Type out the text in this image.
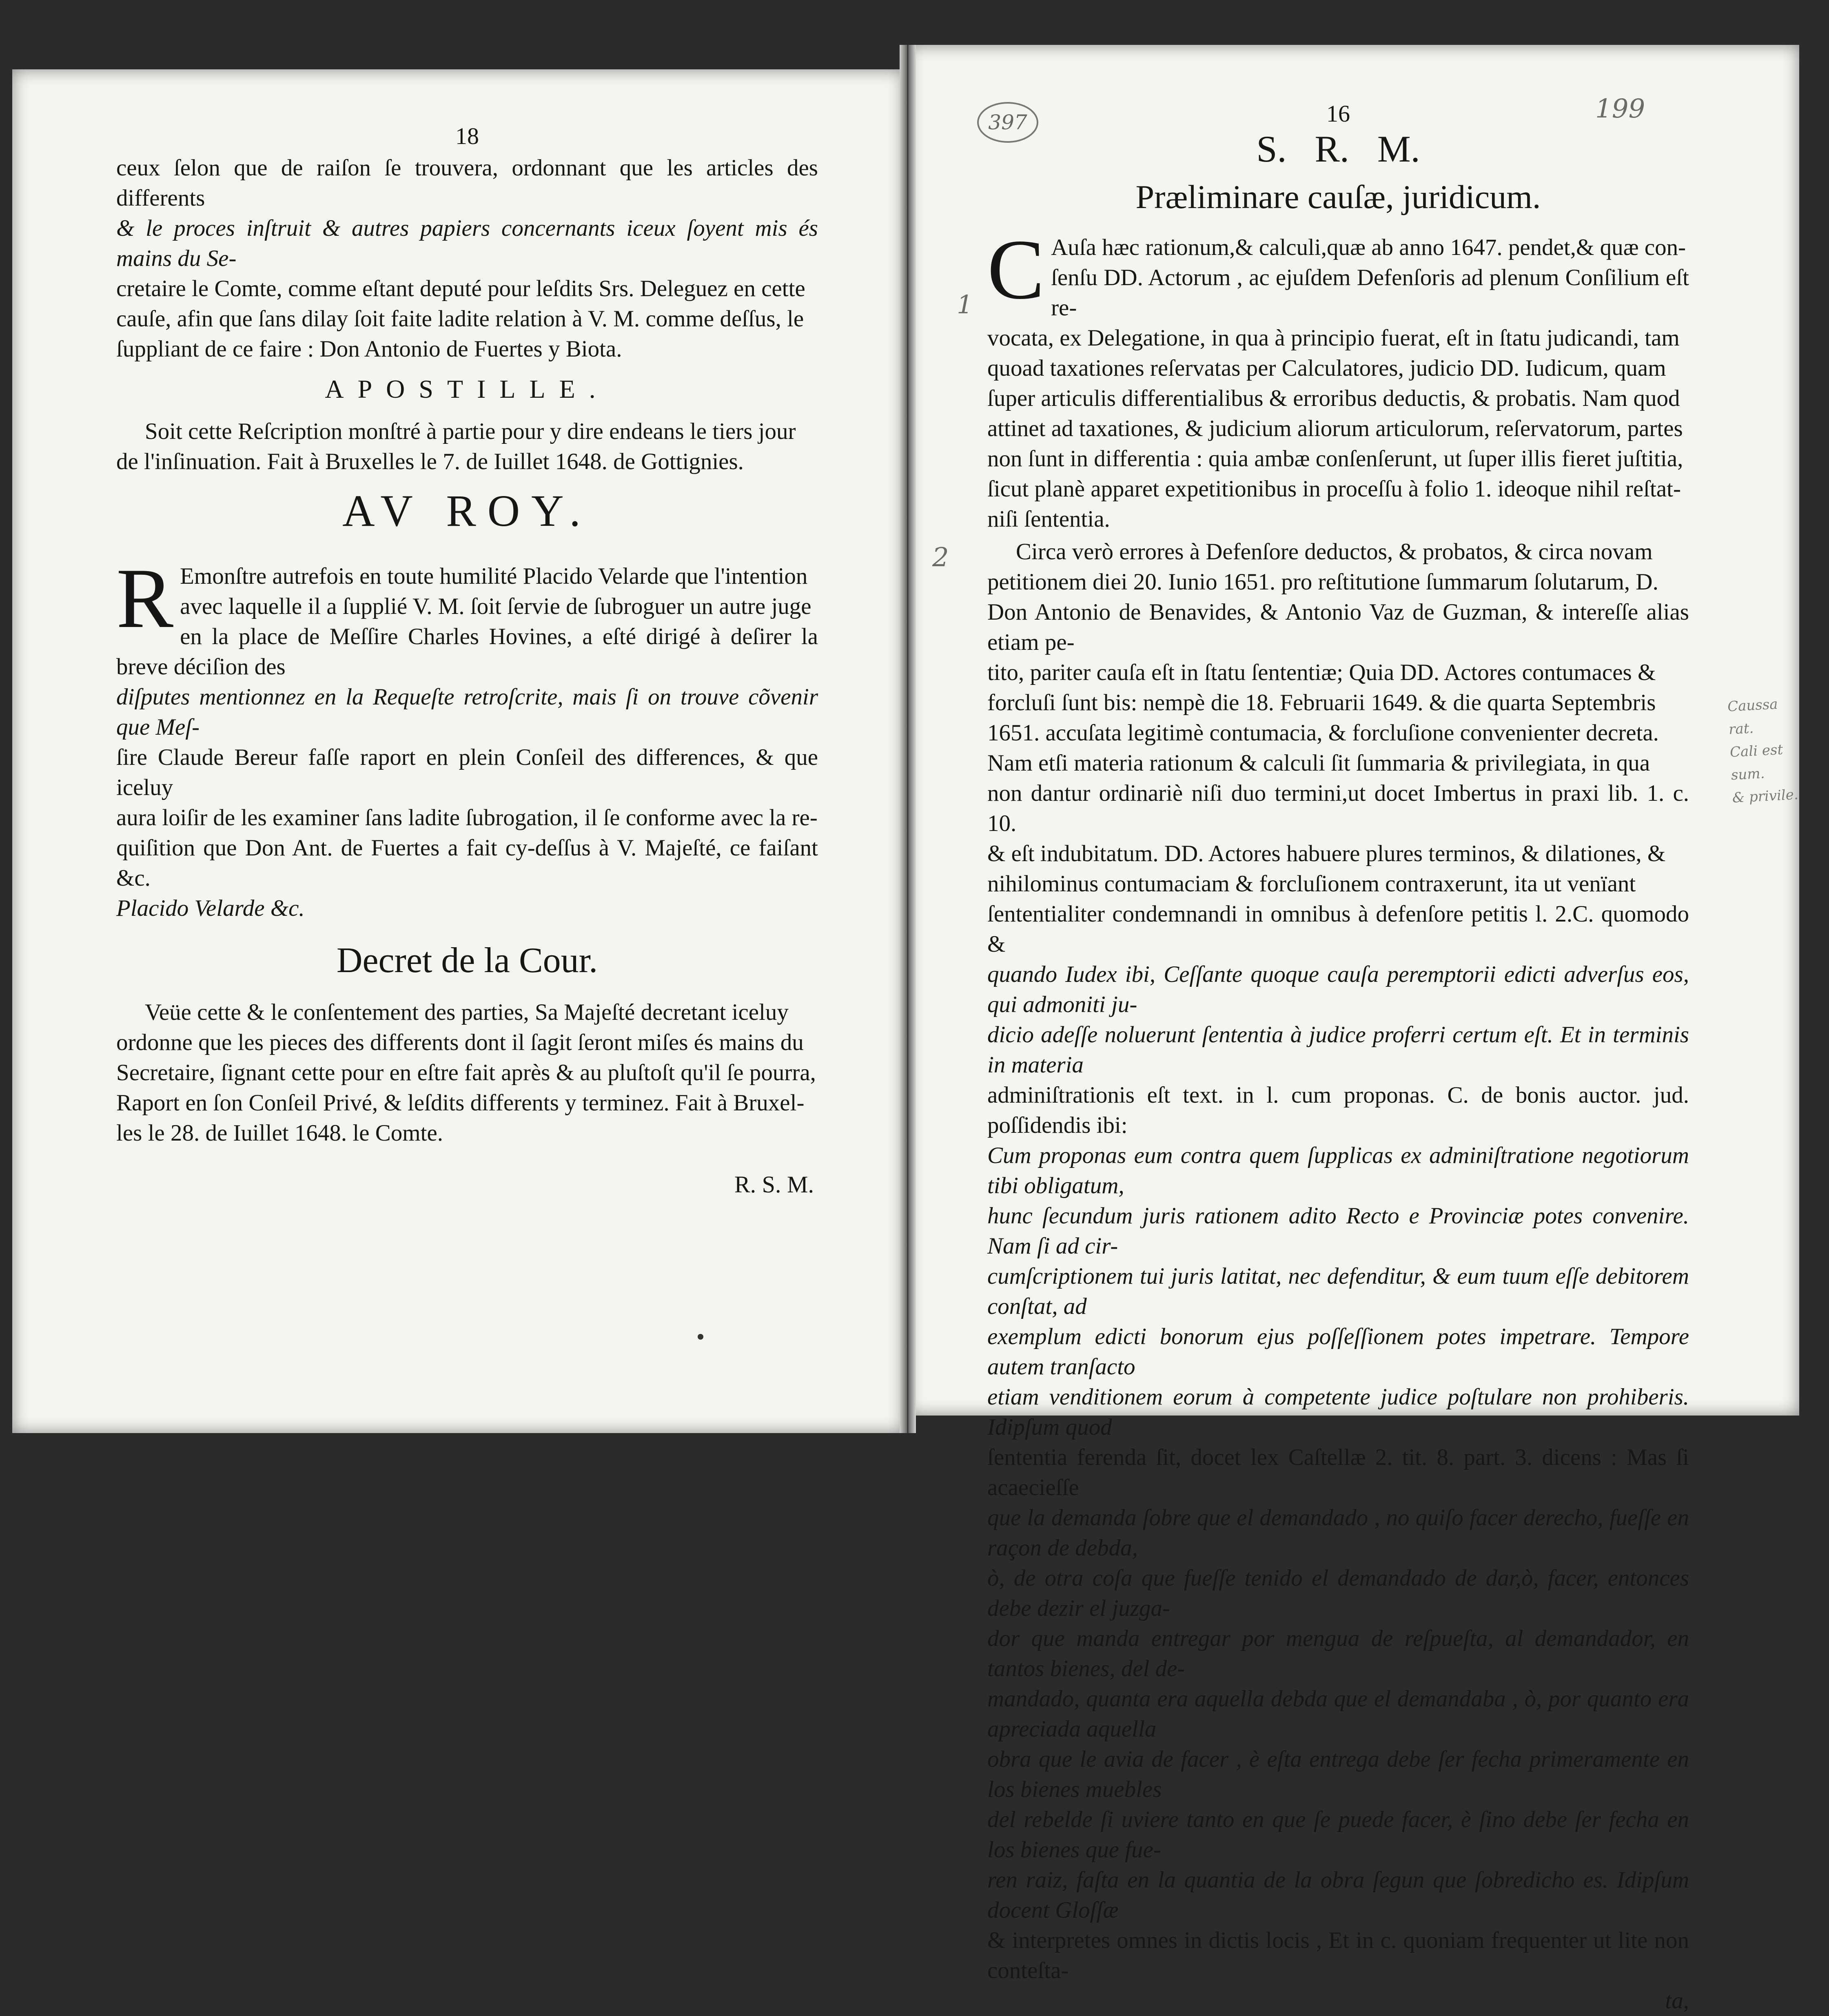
18

ceux ſelon que de raiſon ſe trouvera, ordonnant que les articles des differents

& le proces inſtruit & autres papiers concernants iceux ſoyent mis és mains du Se-

cretaire le Comte, comme eſtant deputé pour leſdits Srs. Deleguez en cette

cauſe, afin que ſans dilay ſoit faite ladite relation à V. M. comme deſſus, le

ſuppliant de ce faire : Don Antonio de Fuertes y Biota.

APOSTILLE.

Soit cette Reſcription monſtré à partie pour y dire endeans le tiers jour

de l'inſinuation. Fait à Bruxelles le 7. de Iuillet 1648. de Gottignies.

AV ROY.
R Emonſtre autrefois en toute humilité Placido Velarde que l'intention

avec laquelle il a ſupplié V. M. ſoit ſervie de ſubroguer un autre juge

en la place de Meſſire Charles Hovines, a eſté dirigé à deſirer la breve déciſion des

diſputes mentionnez en la Requeſte retroſcrite, mais ſi on trouve cõvenir que Meſ-

ſire Claude Bereur faſſe raport en plein Conſeil des differences, & que iceluy

aura loiſir de les examiner ſans ladite ſubrogation, il ſe conforme avec la re-

quiſition que Don Ant. de Fuertes a fait cy-deſſus à V. Majeſté, ce faiſant &c.

Placido Velarde &c.

Decret de la Cour.

Veüe cette & le conſentement des parties, Sa Majeſté decretant iceluy

ordonne que les pieces des differents dont il ſagit ſeront miſes és mains du

Secretaire, ſignant cette pour en eſtre fait après & au pluſtoſt qu'il ſe pourra,

Raport en ſon Conſeil Privé, & leſdits differents y terminez. Fait à Bruxel-

les le 28. de Iuillet 1648. le Comte.

R. S. M.
397	199
1
2
Caussa rat.
Cali est sum.
& privile.
16
S.   R.   M.
Præliminare cauſæ, juridicum.
C Auſa hæc rationum,& calculi,quæ ab anno 1647. pendet,& quæ con-

ſenſu DD. Actorum , ac ejuſdem Defenſoris ad plenum Conſilium eſt re-

vocata, ex Delegatione, in qua à principio fuerat, eſt in ſtatu judicandi, tam

quoad taxationes reſervatas per Calculatores, judicio DD. Iudicum, quam

ſuper articulis differentialibus & erroribus deductis, & probatis. Nam quod

attinet ad taxationes, & judicium aliorum articulorum, reſervatorum, partes

non ſunt in differentia : quia ambæ conſenſerunt, ut ſuper illis fieret juſtitia,

ſicut planè apparet expetitionibus in proceſſu à folio 1. ideoque nihil reſtat-

niſi ſententia.

Circa verò errores à Defenſore deductos, & probatos, & circa novam

petitionem diei 20. Iunio 1651. pro reſtitutione ſummarum ſolutarum, D.

Don Antonio de Benavides, & Antonio Vaz de Guzman, & intereſſe alias etiam pe-

tito, pariter cauſa eſt in ſtatu ſententiæ; Quia DD. Actores contumaces &

forcluſi ſunt bis: nempè die 18. Februarii 1649. & die quarta Septembris

1651. accuſata legitimè contumacia, & forcluſione convenienter decreta.

Nam etſi materia rationum & calculi ſit ſummaria & privilegiata, in qua

non dantur ordinariè niſi duo termini,ut docet Imbertus in praxi lib. 1. c. 10.

& eſt indubitatum. DD. Actores habuere plures terminos, & dilationes, &

nihilominus contumaciam & forcluſionem contraxerunt, ita ut venïant

ſententialiter condemnandi in omnibus à defenſore petitis l. 2.C. quomodo &

quando Iudex ibi, Ceſſante quoque cauſa peremptorii edicti adverſus eos, qui admoniti ju-

dicio adeſſe noluerunt ſententia à judice proferri certum eſt. Et in terminis in materia

adminiſtrationis eſt text. in l. cum proponas. C. de bonis auctor. jud. poſſidendis ibi:

Cum proponas eum contra quem ſupplicas ex adminiſtratione negotiorum tibi obligatum,

hunc ſecundum juris rationem adito Recto e Provinciæ potes convenire. Nam ſi ad cir-

cumſcriptionem tui juris latitat, nec defenditur, & eum tuum eſſe debitorem conſtat, ad

exemplum edicti bonorum ejus poſſeſſionem potes impetrare. Tempore autem tranſacto

etiam venditionem eorum à competente judice poſtulare non prohiberis. Idipſum quod

ſententia ferenda ſit, docet lex Caſtellæ 2. tit. 8. part. 3. dicens : Mas ſi acaecieſſe

que la demanda ſobre que el demandado , no quiſo facer derecho, fueſſe en raçon de debda,

ò, de otra coſa que fueſſe tenido el demandado de dar,ò, facer, entonces debe dezir el juzga-

dor que manda entregar por mengua de reſpueſta, al demandador, en tantos bienes, del de-

mandado, quanta era aquella debda que el demandaba , ò, por quanto era apreciada aquella

obra que le avia de facer , è eſta entrega debe ſer fecha primeramente en los bienes muebles

del rebelde ſi uviere tanto en que ſe puede facer, è ſino debe ſer fecha en los bienes que fue-

ren raiz, faſta en la quantia de la obra ſegun que ſobredicho es. Idipſum docent Gloſſæ

& interpretes omnes in dictis locis , Et in c. quoniam frequenter ut lite non conteſta-

ta,
